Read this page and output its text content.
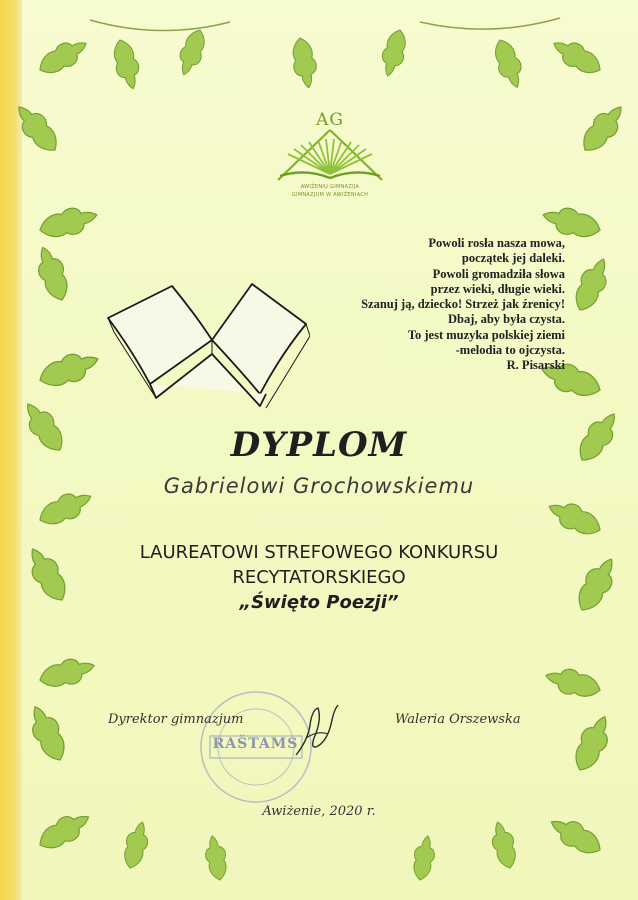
AG
AWIŻENIŲ GIMNAZIJA
GIMNAZJUM W AWIŻENIACH
Powoli rosła nasza mowa,
początek jej daleki.
Powoli gromadziła słowa
przez wieki, długie wieki.
Szanuj ją, dziecko! Strzeż jak źrenicy!
Dbaj, aby była czysta.
To jest muzyka polskiej ziemi
-melodia to ojczysta.
R. Pisarski
DYPLOM
Gabrielowi Grochowskiemu
LAUREATOWI STREFOWEGO KONKURSU
RECYTATORSKIEGO
„Święto Poezji”
RAŠTAMS
Dyrektor gimnazjum	Waleria Orszewska
Awiżenie, 2020 r.
